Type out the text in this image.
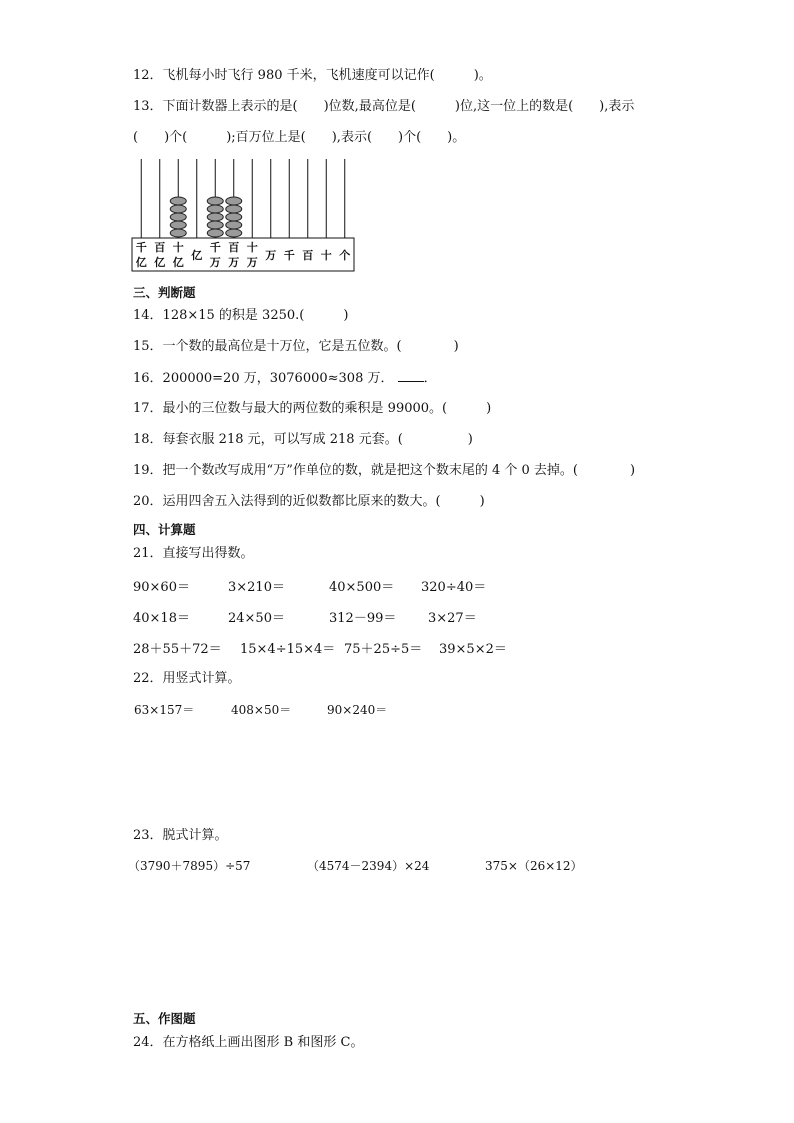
12．飞机每小时飞行 980 千米，飞机速度可以记作(　　　)。
13．下面计数器上表示的是(　　)位数,最高位是(　　　)位,这一位上的数是(　　),表示
(　　)个(　　　);百万位上是(　　),表示(　　)个(　　)。
千
亿
百
亿
十
亿
亿
千
万
百
万
十
万
万 千 百 十 个
三、判断题
14．128×15 的积是 3250.(　　　)
15．一个数的最高位是十万位，它是五位数。(　　　　)
16．200000=20 万，3076000≈308 万． ．
17．最小的三位数与最大的两位数的乘积是 99000。(　　　)
18．每套衣服 218 元，可以写成 218 元套。(　　　　　)
19．把一个数改写成用“万”作单位的数，就是把这个数末尾的 4 个 0 去掉。(　　　　)
20．运用四舍五入法得到的近似数都比原来的数大。(　　　)
四、计算题
21．直接写出得数。
90×60＝	3×210＝	40×500＝ 320÷40＝
40×18＝	24×50＝	312－99＝ 3×27＝
28＋55＋72＝ 15×4÷15×4＝ 75＋25÷5＝ 39×5×2＝
22．用竖式计算。
63×157＝	408×50＝	90×240＝
23．脱式计算。
（3790＋7895）÷57	（4574－2394）×24	375×（26×12）
五、作图题
24．在方格纸上画出图形 B 和图形 C。
